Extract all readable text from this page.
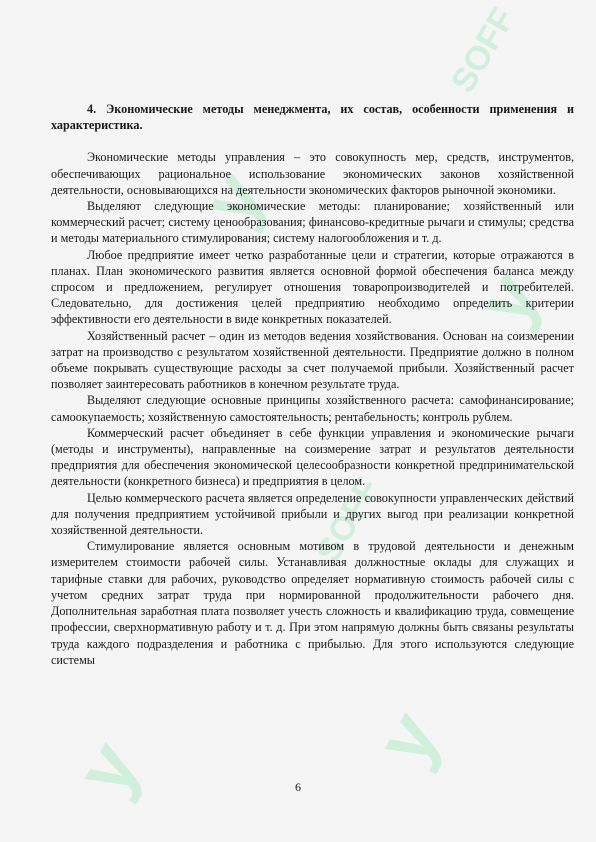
SOFF
у
у
SOFF
у	у

4. Экономические методы менеджмента, их состав, особенности применения и характеристика.

Экономические методы управления – это совокупность мер, средств, инструментов, обеспечивающих рациональное использование экономических законов хозяйственной деятельности, основывающихся на деятельности экономических факторов рыночной экономики.

Выделяют следующие экономические методы: планирование; хозяйственный или коммерческий расчет; систему ценообразования; финансово-кредитные рычаги и стимулы; средства и методы материального стимулирования; систему налогообложения и т. д.

Любое предприятие имеет четко разработанные цели и стратегии, которые отражаются в планах. План экономического развития является основной формой обеспечения баланса между спросом и предложением, регулирует отношения товаропроизводителей и потребителей. Следовательно, для достижения целей предприятию необходимо определить критерии эффективности его деятельности в виде конкретных показателей.

Хозяйственный расчет – один из методов ведения хозяйствования. Основан на соизмерении затрат на производство с результатом хозяйственной деятельности. Предприятие должно в полном объеме покрывать существующие расходы за счет получаемой прибыли. Хозяйственный расчет позволяет заинтересовать работников в конечном результате труда.

Выделяют следующие основные принципы хозяйственного расчета: самофинансирование; самоокупаемость; хозяйственную самостоятельность; рентабельность; контроль рублем.

Коммерческий расчет объединяет в себе функции управления и экономические рычаги (методы и инструменты), направленные на соизмерение затрат и результатов деятельности предприятия для обеспечения экономической целесообразности конкретной предпринимательской деятельности (конкретного бизнеса) и предприятия в целом.

Целью коммерческого расчета является определение совокупности управленческих действий для получения предприятием устойчивой прибыли и других выгод при реализации конкретной хозяйственной деятельности.

Стимулирование является основным мотивом в трудовой деятельности и денежным измерителем стоимости рабочей силы. Устанавливая должностные оклады для служащих и тарифные ставки для рабочих, руководство определяет нормативную стоимость рабочей силы с учетом средних затрат труда при нормированной продолжительности рабочего дня. Дополнительная заработная плата позволяет учесть сложность и квалификацию труда, совмещение профессии, сверхнормативную работу и т. д. При этом напрямую должны быть связаны результаты труда каждого подразделения и работника с прибылью. Для этого используются следующие системы

6
